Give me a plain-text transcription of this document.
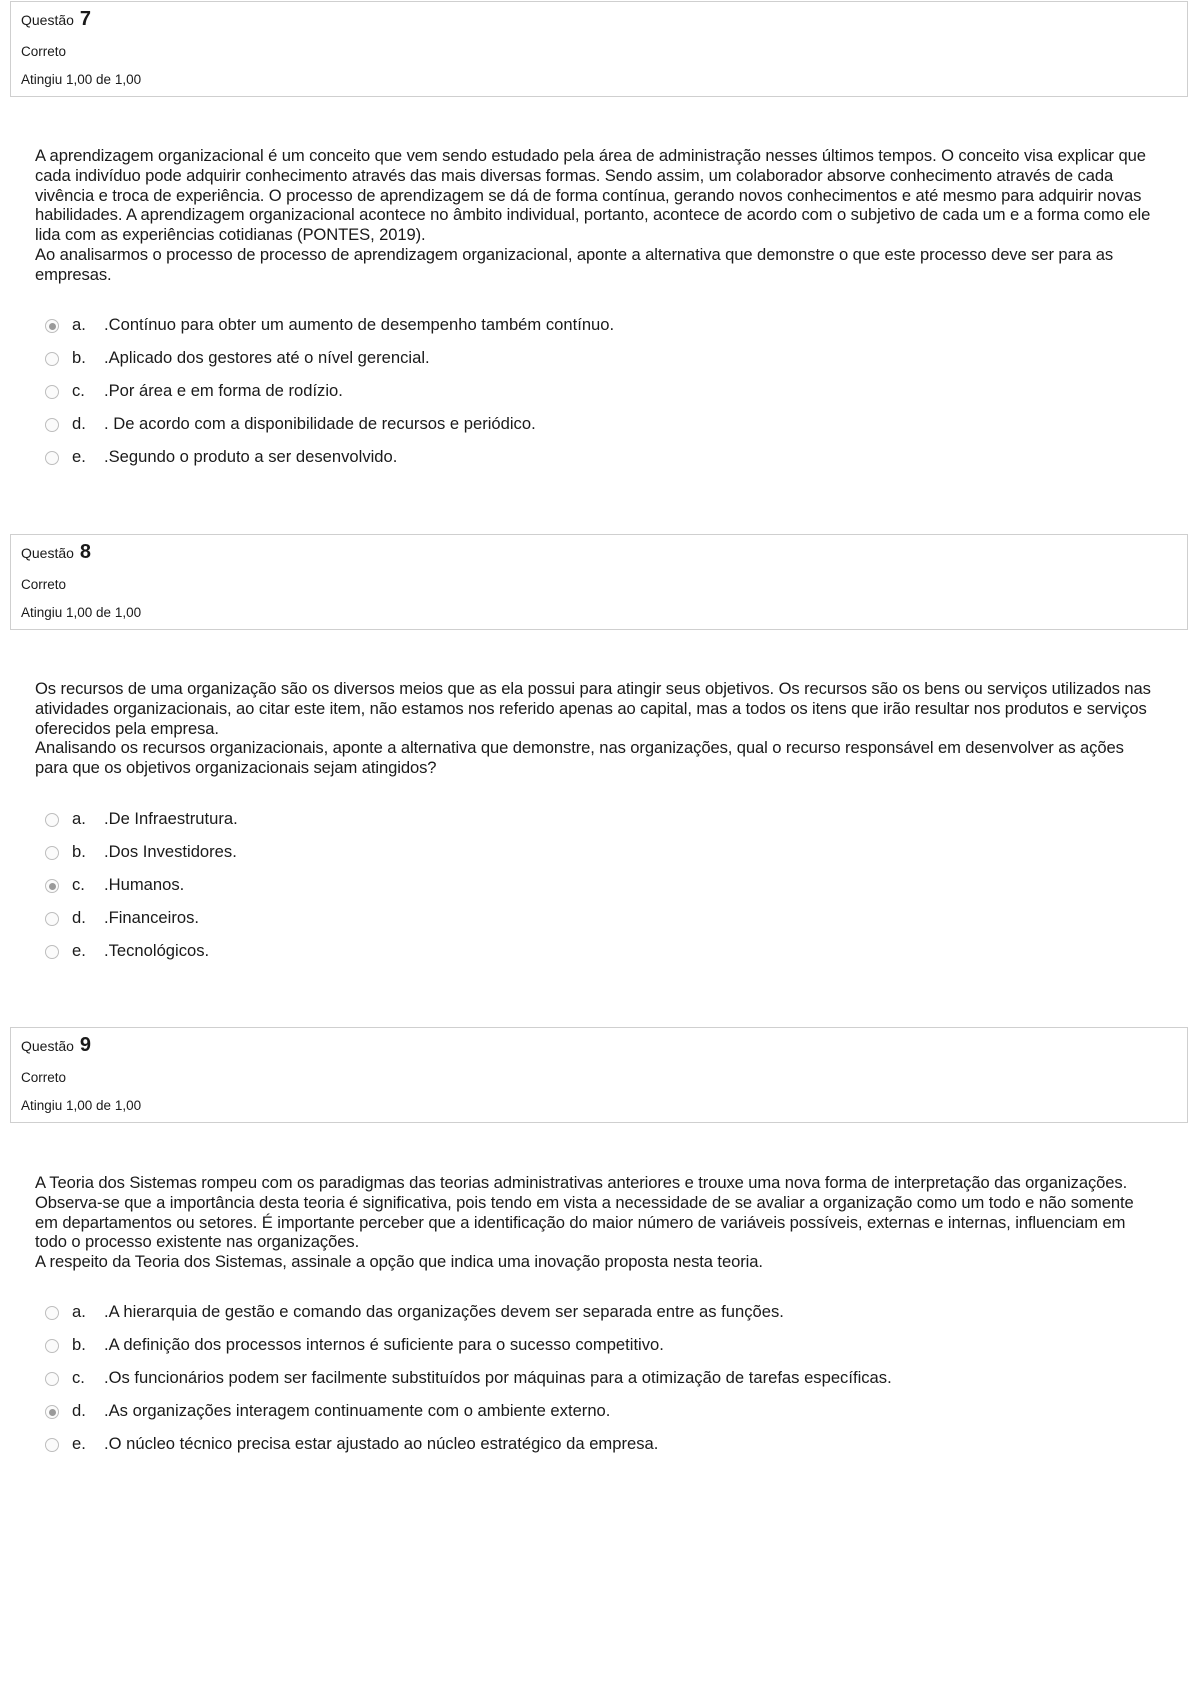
Questão 7
Correto
Atingiu 1,00 de 1,00

A aprendizagem organizacional é um conceito que vem sendo estudado pela área de administração nesses últimos tempos. O conceito visa explicar que cada indivíduo pode adquirir conhecimento através das mais diversas formas. Sendo assim, um colaborador absorve conhecimento através de cada vivência e troca de experiência. O processo de aprendizagem se dá de forma contínua, gerando novos conhecimentos e até mesmo para adquirir novas habilidades. A aprendizagem organizacional acontece no âmbito individual, portanto, acontece de acordo com o subjetivo de cada um e a forma como ele lida com as experiências cotidianas (PONTES, 2019).

Ao analisarmos o processo de processo de aprendizagem organizacional, aponte a alternativa que demonstre o que este processo deve ser para as empresas.

a. .Contínuo para obter um aumento de desempenho também contínuo.
b. .Aplicado dos gestores até o nível gerencial.
c. .Por área e em forma de rodízio.
d. . De acordo com a disponibilidade de recursos e periódico.
e. .Segundo o produto a ser desenvolvido.
Questão 8
Correto
Atingiu 1,00 de 1,00

Os recursos de uma organização são os diversos meios que as ela possui para atingir seus objetivos. Os recursos são os bens ou serviços utilizados nas atividades organizacionais, ao citar este item, não estamos nos referido apenas ao capital, mas a todos os itens que irão resultar nos produtos e serviços oferecidos pela empresa.

Analisando os recursos organizacionais, aponte a alternativa que demonstre, nas organizações, qual o recurso responsável em desenvolver as ações para que os objetivos organizacionais sejam atingidos?

a. .De Infraestrutura.
b. .Dos Investidores.
c. .Humanos.
d. .Financeiros.
e. .Tecnológicos.
Questão 9
Correto
Atingiu 1,00 de 1,00

A Teoria dos Sistemas rompeu com os paradigmas das teorias administrativas anteriores e trouxe uma nova forma de interpretação das organizações. Observa-se que a importância desta teoria é significativa, pois tendo em vista a necessidade de se avaliar a organização como um todo e não somente em departamentos ou setores. É importante perceber que a identificação do maior número de variáveis possíveis, externas e internas, influenciam em todo o processo existente nas organizações.

A respeito da Teoria dos Sistemas, assinale a opção que indica uma inovação proposta nesta teoria.

a. .A hierarquia de gestão e comando das organizações devem ser separada entre as funções.
b. .A definição dos processos internos é suficiente para o sucesso competitivo.
c. .Os funcionários podem ser facilmente substituídos por máquinas para a otimização de tarefas específicas.
d. .As organizações interagem continuamente com o ambiente externo.
e. .O núcleo técnico precisa estar ajustado ao núcleo estratégico da empresa.
